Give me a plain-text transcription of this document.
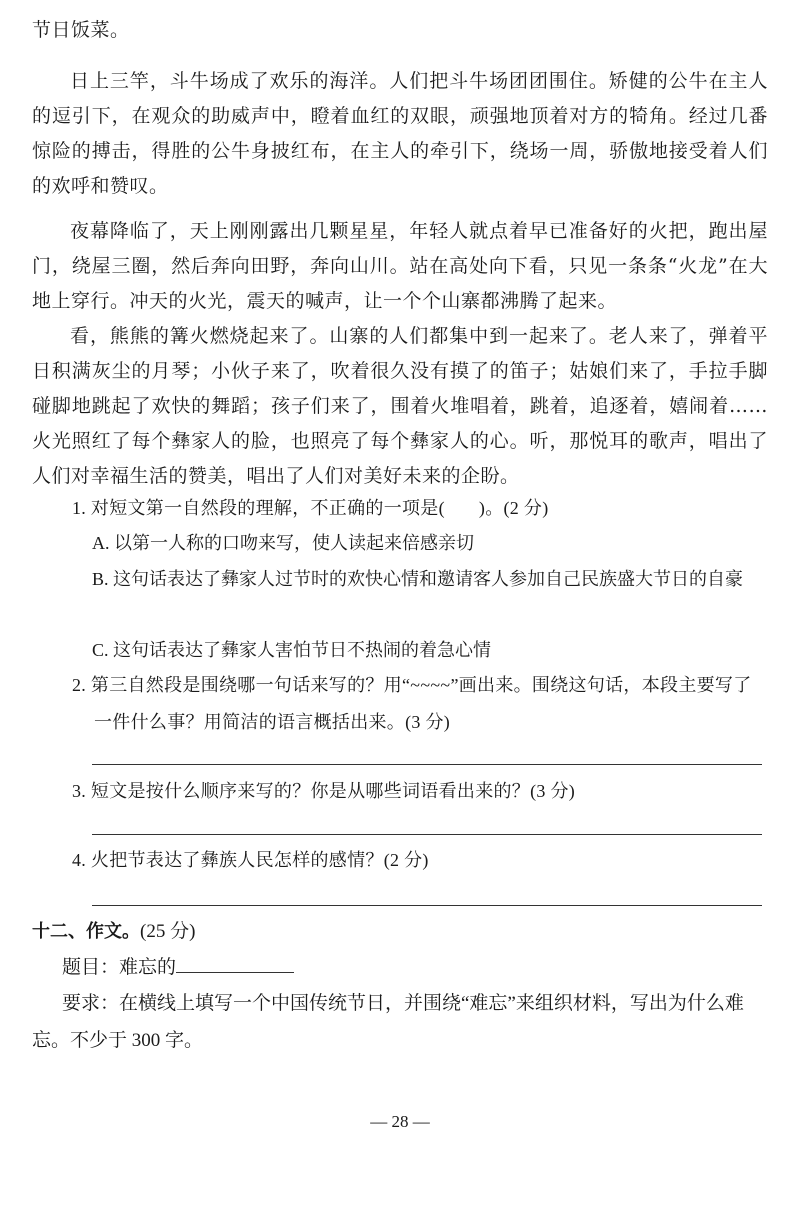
节日饭菜。
日上三竿，斗牛场成了欢乐的海洋。人们把斗牛场团团围住。矫健的公牛在主人的逗引下，在观众的助威声中，瞪着血红的双眼，顽强地顶着对方的犄角。经过几番惊险的搏击，得胜的公牛身披红布，在主人的牵引下，绕场一周，骄傲地接受着人们的欢呼和赞叹。
夜幕降临了，天上刚刚露出几颗星星，年轻人就点着早已准备好的火把，跑出屋门，绕屋三圈，然后奔向田野，奔向山川。站在高处向下看，只见一条条“火龙”在大地上穿行。冲天的火光，震天的喊声，让一个个山寨都沸腾了起来。
看，熊熊的篝火燃烧起来了。山寨的人们都集中到一起来了。老人来了，弹着平日积满灰尘的月琴；小伙子来了，吹着很久没有摸了的笛子；姑娘们来了，手拉手脚碰脚地跳起了欢快的舞蹈；孩子们来了，围着火堆唱着，跳着，追逐着，嬉闹着……火光照红了每个彝家人的脸，也照亮了每个彝家人的心。听，那悦耳的歌声，唱出了人们对幸福生活的赞美，唱出了人们对美好未来的企盼。
1. 对短文第一自然段的理解，不正确的一项是( )。(2 分)
A. 以第一人称的口吻来写，使人读起来倍感亲切
B. 这句话表达了彝家人过节时的欢快心情和邀请客人参加自己民族盛大节日的自豪
C. 这句话表达了彝家人害怕节日不热闹的着急心情
2. 第三自然段是围绕哪一句话来写的？用“~~~~”画出来。围绕这句话，本段主要写了一件什么事？用简洁的语言概括出来。(3 分)
3. 短文是按什么顺序来写的？你是从哪些词语看出来的？(3 分)
4. 火把节表达了彝族人民怎样的感情？(2 分)
十二、作文。(25 分)
题目：难忘的
要求：在横线上填写一个中国传统节日，并围绕“难忘”来组织材料，写出为什么难忘。不少于 300 字。
— 28 —
